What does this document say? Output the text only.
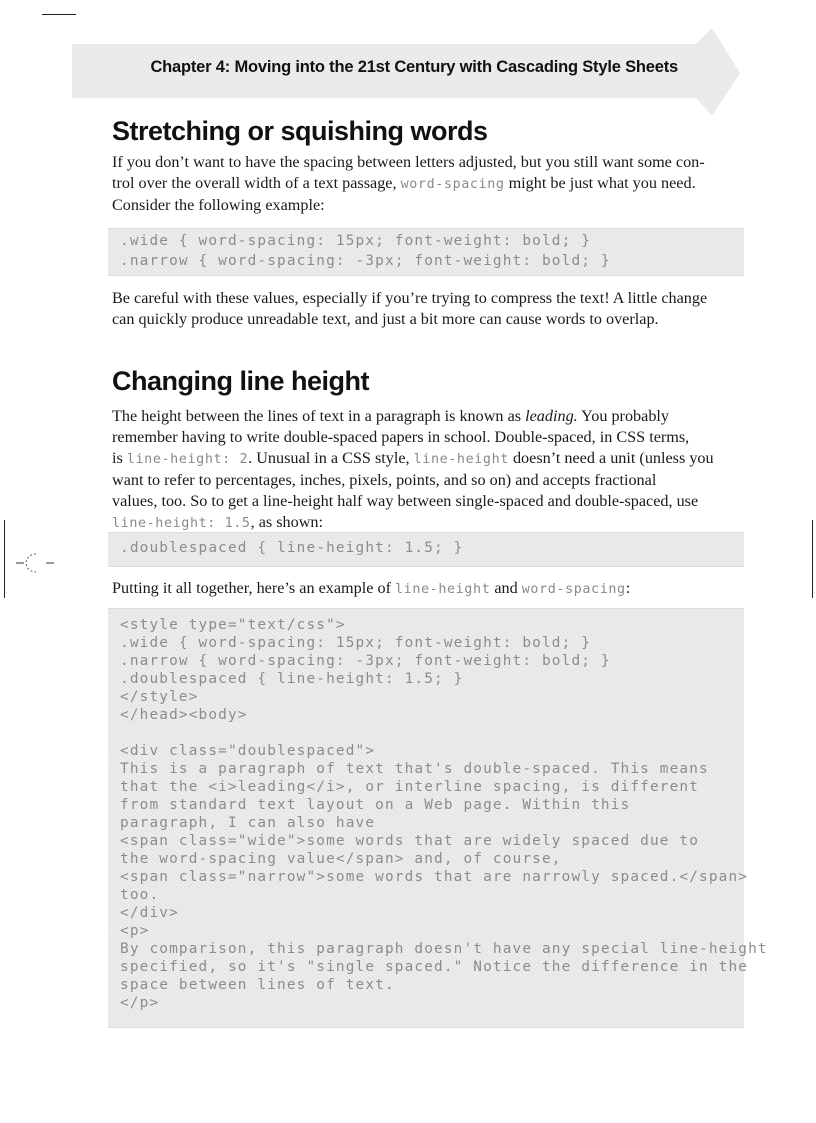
Chapter 4: Moving into the 21st Century with Cascading Style Sheets
Stretching or squishing words

If you don’t want to have the spacing between letters adjusted, but you still want some con-
trol over the overall width of a text passage, word-spacing might be just what you need.
Consider the following example:

.wide { word-spacing: 15px; font-weight: bold; }
.narrow { word-spacing: -3px; font-weight: bold; }

Be careful with these values, especially if you’re trying to compress the text! A little change
can quickly produce unreadable text, and just a bit more can cause words to overlap.

Changing line height

The height between the lines of text in a paragraph is known as leading. You probably
remember having to write double-spaced papers in school. Double-spaced, in CSS terms,
is line-height: 2. Unusual in a CSS style, line-height doesn’t need a unit (unless you
want to refer to percentages, inches, pixels, points, and so on) and accepts fractional
values, too. So to get a line-height half way between single-spaced and double-spaced, use
line-height: 1.5, as shown:

.doublespaced { line-height: 1.5; }

Putting it all together, here’s an example of line-height and word-spacing:

<style type="text/css">
.wide { word-spacing: 15px; font-weight: bold; }
.narrow { word-spacing: -3px; font-weight: bold; }
.doublespaced { line-height: 1.5; }
</style>
</head><body>
<div class="doublespaced">
This is a paragraph of text that's double-spaced. This means
that the <i>leading</i>, or interline spacing, is different
from standard text layout on a Web page. Within this
paragraph, I can also have
<span class="wide">some words that are widely spaced due to
the word-spacing value</span> and, of course,
<span class="narrow">some words that are narrowly spaced.</span>
too.
</div>
<p>
By comparison, this paragraph doesn't have any special line-height
specified, so it's "single spaced." Notice the difference in the
space between lines of text.
</p>
